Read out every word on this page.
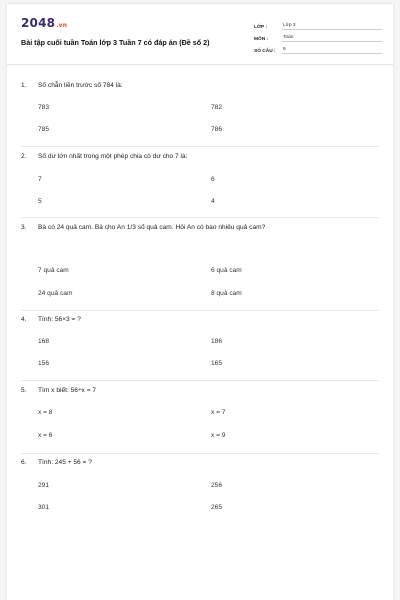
2048.vn
Bài tập cuối tuần Toán lớp 3 Tuần 7 có đáp án (Đề số 2)
LỚP :	Lớp 3
MÔN :	Toán
SỐ CÂU :	6
1. Số chẵn liền trước số 784 là:
783	782
785	786
2. Số dư lớn nhất trong một phép chia có dư cho 7 là:
7	6
5	4
3. Bà có 24 quả cam. Bà cho An 1/3 số quả cam. Hỏi An có bao nhiêu quả cam?
7 quả cam	6 quả cam
24 quả cam	8 quả cam
4. Tính: 56×3 = ?
168	186
156	165
5. Tìm x biết: 56÷x = 7
x = 8	x = 7
x = 6	x = 9
6. Tính: 245 + 56 = ?
291	256
301	265
